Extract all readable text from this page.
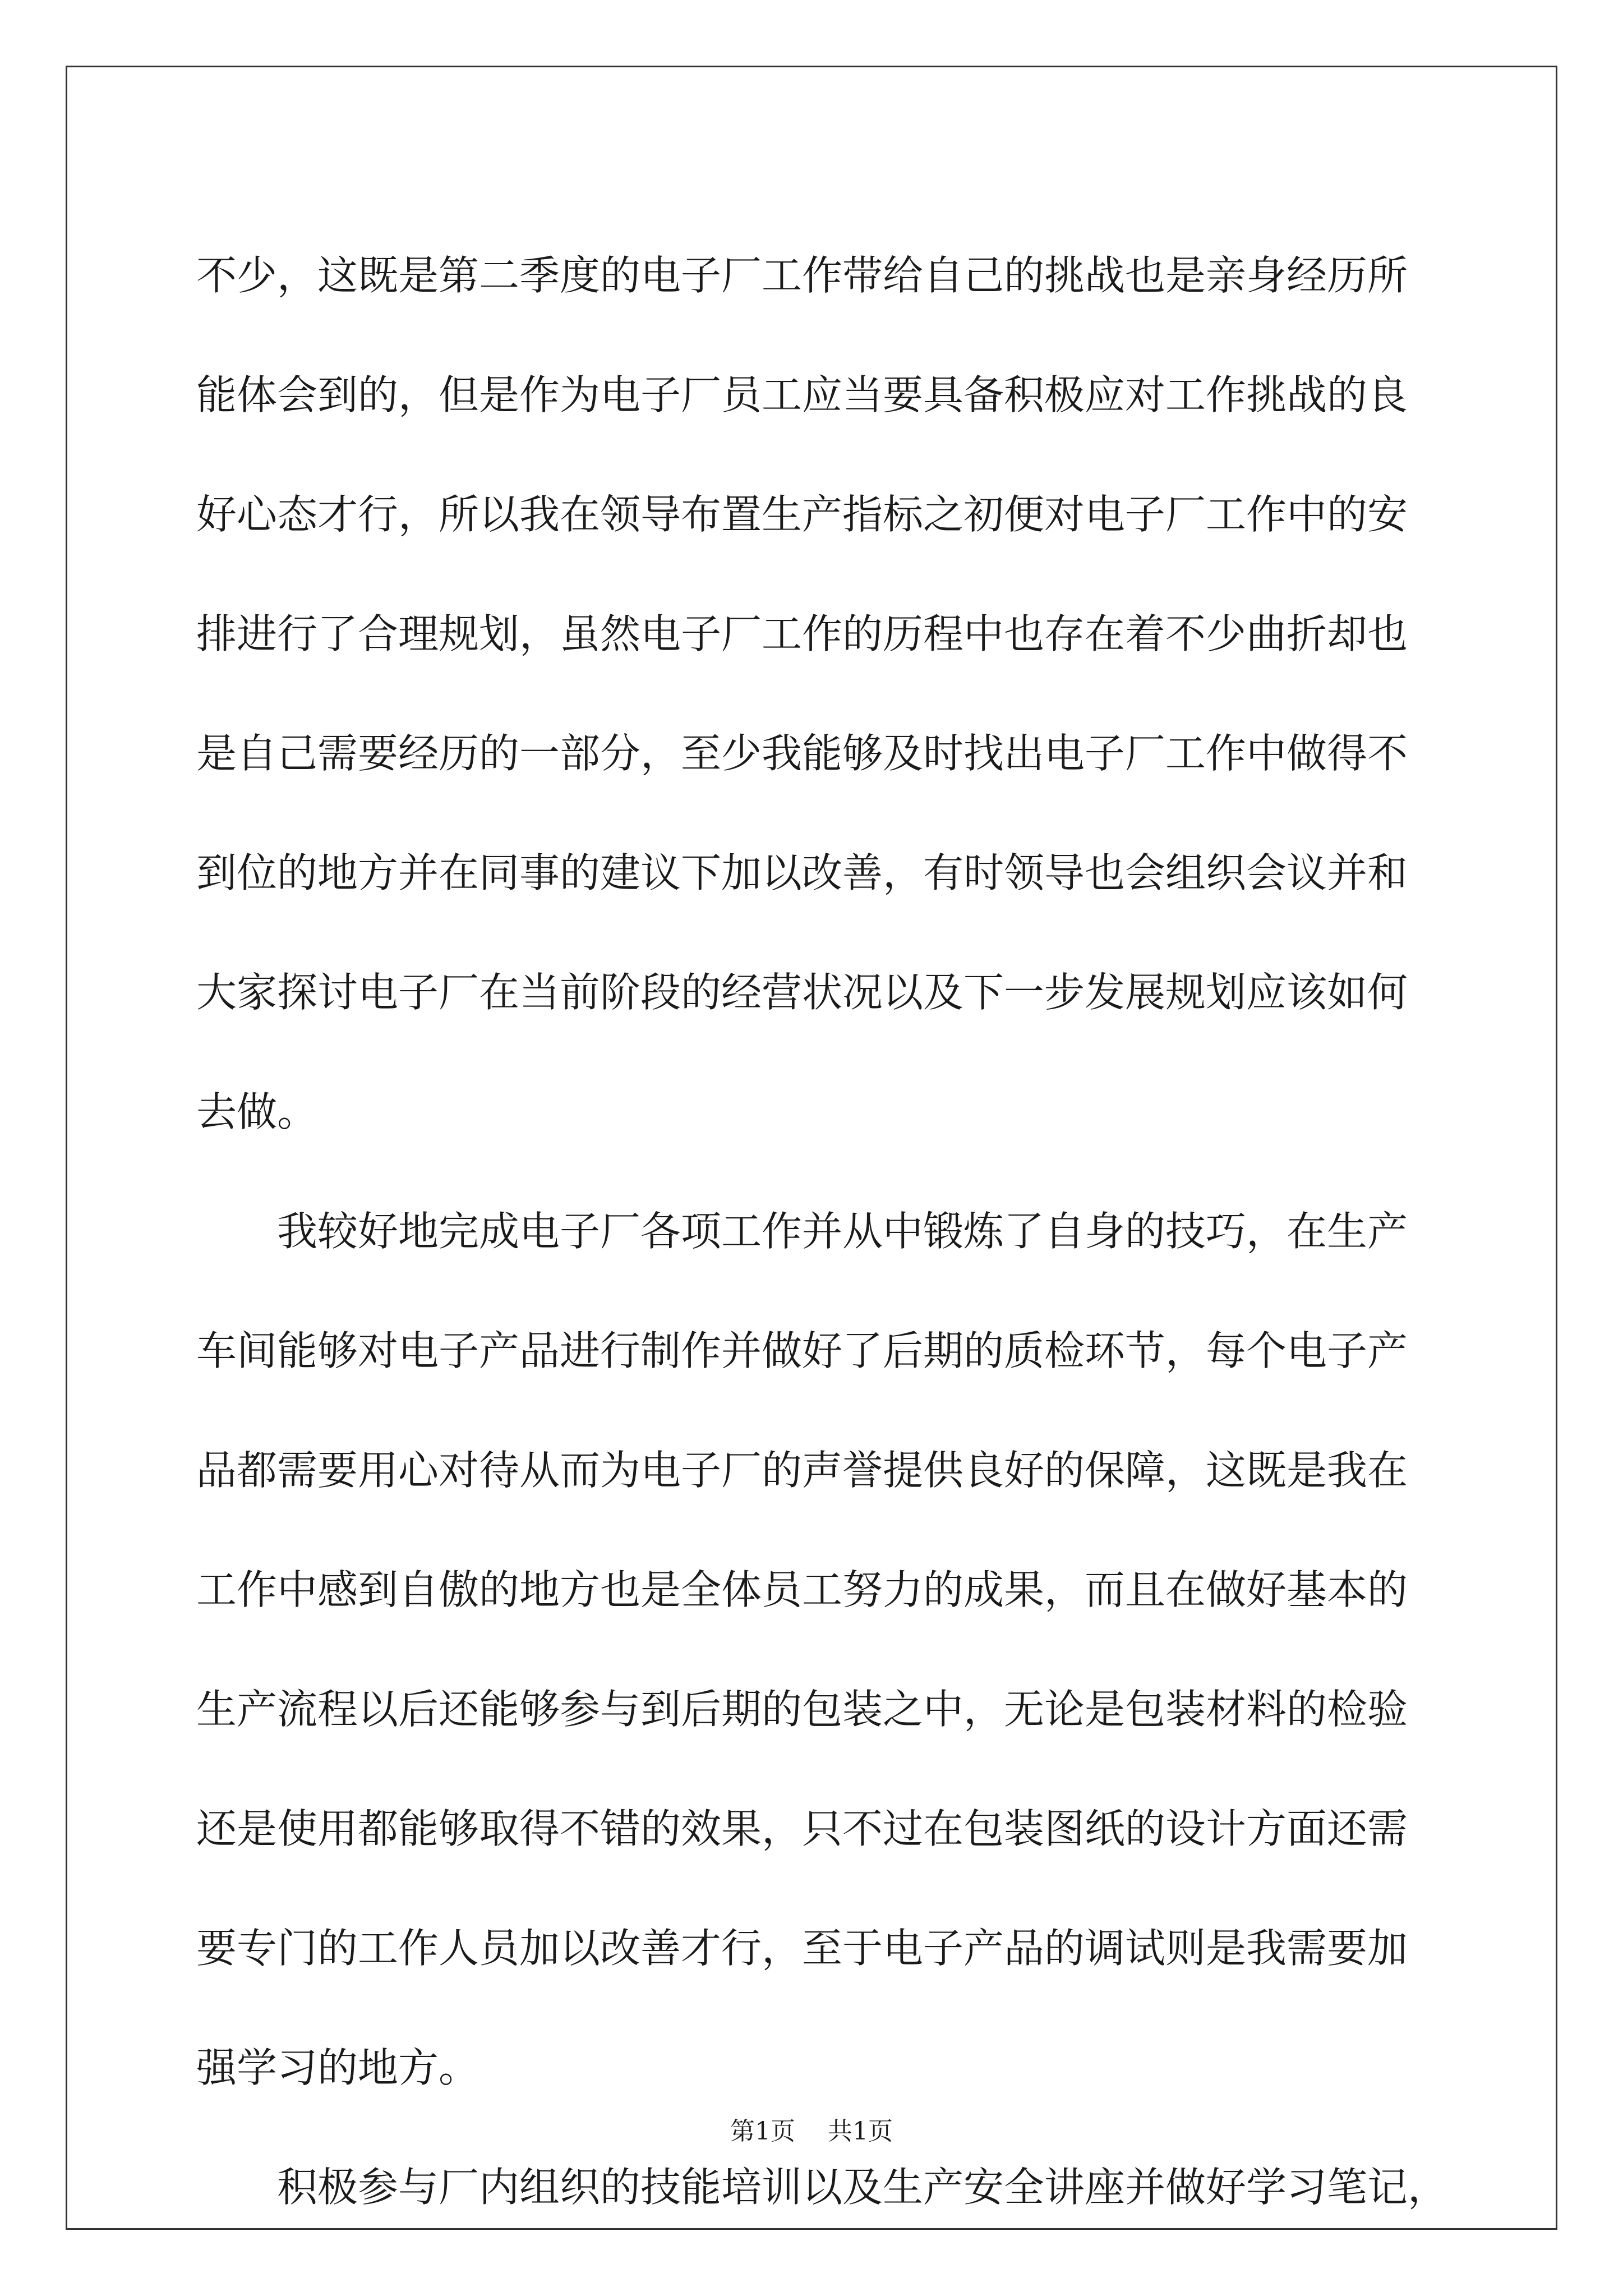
不少，这既是第二季度的电子厂工作带给自己的挑战也是亲身经历所
能体会到的，但是作为电子厂员工应当要具备积极应对工作挑战的良
好心态才行，所以我在领导布置生产指标之初便对电子厂工作中的安
排进行了合理规划，虽然电子厂工作的历程中也存在着不少曲折却也
是自己需要经历的一部分，至少我能够及时找出电子厂工作中做得不
到位的地方并在同事的建议下加以改善，有时领导也会组织会议并和
大家探讨电子厂在当前阶段的经营状况以及下一步发展规划应该如何
去做。
我较好地完成电子厂各项工作并从中锻炼了自身的技巧，在生产
车间能够对电子产品进行制作并做好了后期的质检环节，每个电子产
品都需要用心对待从而为电子厂的声誉提供良好的保障，这既是我在
工作中感到自傲的地方也是全体员工努力的成果，而且在做好基本的
生产流程以后还能够参与到后期的包装之中，无论是包装材料的检验
还是使用都能够取得不错的效果，只不过在包装图纸的设计方面还需
要专门的工作人员加以改善才行，至于电子产品的调试则是我需要加
强学习的地方。
积极参与厂内组织的技能培训以及生产安全讲座并做好学习笔记，
第1页 共1页
